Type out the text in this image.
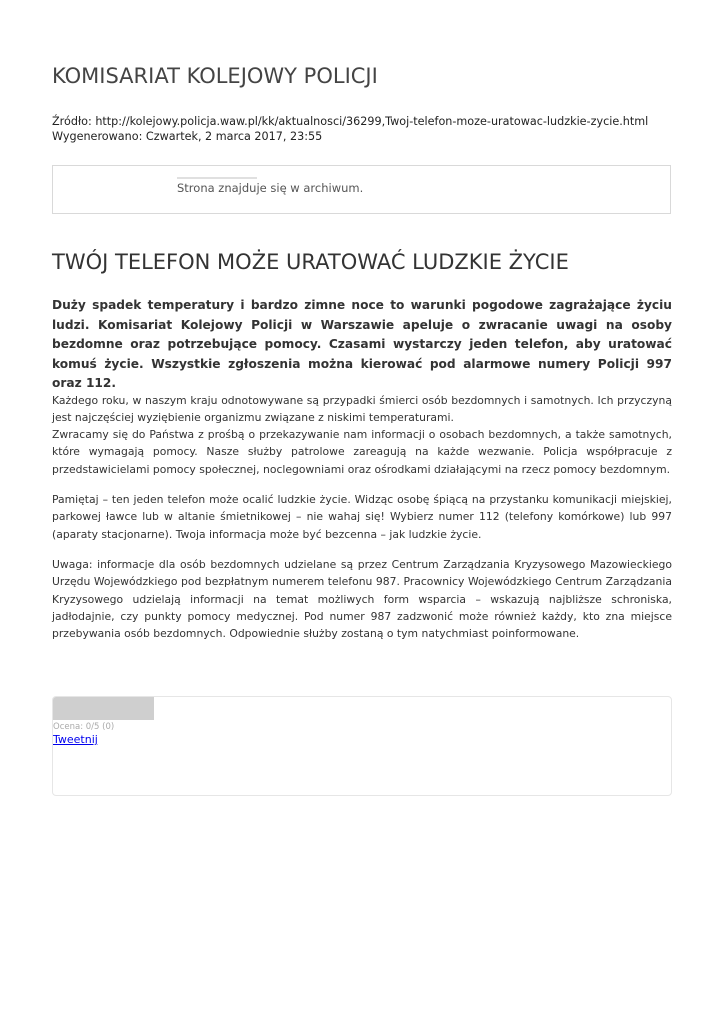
KOMISARIAT KOLEJOWY POLICJI
Źródło: http://kolejowy.policja.waw.pl/kk/aktualnosci/36299,Twoj-telefon-moze-uratowac-ludzkie-zycie.html
Wygenerowano: Czwartek, 2 marca 2017, 23:55
Strona znajduje się w archiwum.
TWÓJ TELEFON MOŻE URATOWAĆ LUDZKIE ŻYCIE

Duży spadek temperatury i bardzo zimne noce to warunki pogodowe zagrażające życiu ludzi. Komisariat Kolejowy Policji w Warszawie apeluje o zwracanie uwagi na osoby bezdomne oraz potrzebujące pomocy. Czasami wystarczy jeden telefon, aby uratować komuś życie. Wszystkie zgłoszenia można kierować pod alarmowe numery Policji 997 oraz 112.

Każdego roku, w naszym kraju odnotowywane są przypadki śmierci osób bezdomnych i samotnych. Ich przyczyną jest najczęściej wyziębienie organizmu związane z niskimi temperaturami.

Zwracamy się do Państwa z prośbą o przekazywanie nam informacji o osobach bezdomnych, a także samotnych, które wymagają pomocy. Nasze służby patrolowe zareagują na każde wezwanie. Policja współpracuje z przedstawicielami pomocy społecznej, noclegowniami oraz ośrodkami działającymi na rzecz pomocy bezdomnym.

Pamiętaj – ten jeden telefon może ocalić ludzkie życie. Widząc osobę śpiącą na przystanku komunikacji miejskiej, parkowej ławce lub w altanie śmietnikowej – nie wahaj się! Wybierz numer 112 (telefony komórkowe) lub 997 (aparaty stacjonarne). Twoja informacja może być bezcenna – jak ludzkie życie.

Uwaga: informacje dla osób bezdomnych udzielane są przez Centrum Zarządzania Kryzysowego Mazowieckiego Urzędu Wojewódzkiego pod bezpłatnym numerem telefonu 987. Pracownicy Wojewódzkiego Centrum Zarządzania Kryzysowego udzielają informacji na temat możliwych form wsparcia – wskazują najbliższe schroniska, jadłodajnie, czy punkty pomocy medycznej. Pod numer 987 zadzwonić może również każdy, kto zna miejsce przebywania osób bezdomnych. Odpowiednie służby zostaną o tym natychmiast poinformowane.

Ocena: 0/5 (0)
Tweetnij
